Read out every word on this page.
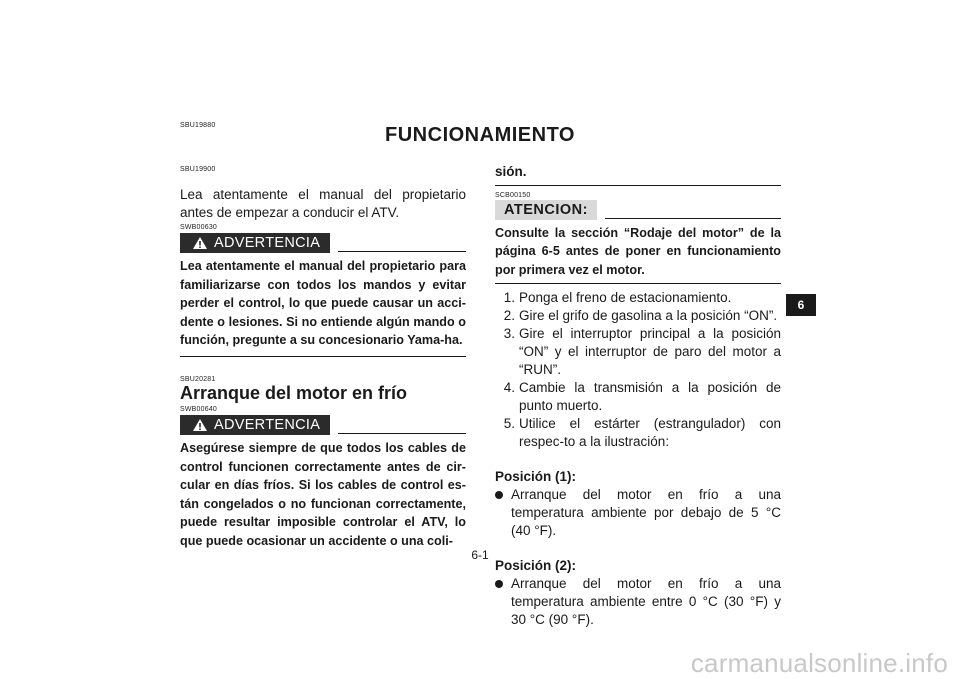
SBU19880	FUNCIONAMIENTO
SBU19900
Lea atentamente el manual del propietario antes de empezar a conducir el ATV.
SWB00630
ADVERTENCIA
Lea atentamente el manual del propietario para familiarizarse con todos los mandos y evitar perder el control, lo que puede causar un acci-dente o lesiones. Si no entiende algún mando o función, pregunte a su concesionario Yama-ha.
SBU20281
Arranque del motor en frío
SWB00640
ADVERTENCIA
Asegúrese siempre de que todos los cables de control funcionen correctamente antes de cir-cular en días fríos. Si los cables de control es-tán congelados o no funcionan correctamente, puede resultar imposible controlar el ATV, lo que puede ocasionar un accidente o una coli-
sión.
SCB00150
ATENCION:
Consulte la sección “Rodaje del motor” de la página 6-5 antes de poner en funcionamiento por primera vez el motor.
1. Ponga el freno de estacionamiento.
2. Gire el grifo de gasolina a la posición “ON”.
3. Gire el interruptor principal a la posición “ON” y el interruptor de paro del motor a “RUN”.
4. Cambie la transmisión a la posición de punto muerto.
5. Utilice el estárter (estrangulador) con respec-to a la ilustración:
Posición (1):
Arranque del motor en frío a una temperatura ambiente por debajo de 5 °C (40 °F).
Posición (2):
Arranque del motor en frío a una temperatura ambiente entre 0 °C (30 °F) y 30 °C (90 °F).
6
6-1
carmanualsonline.info
